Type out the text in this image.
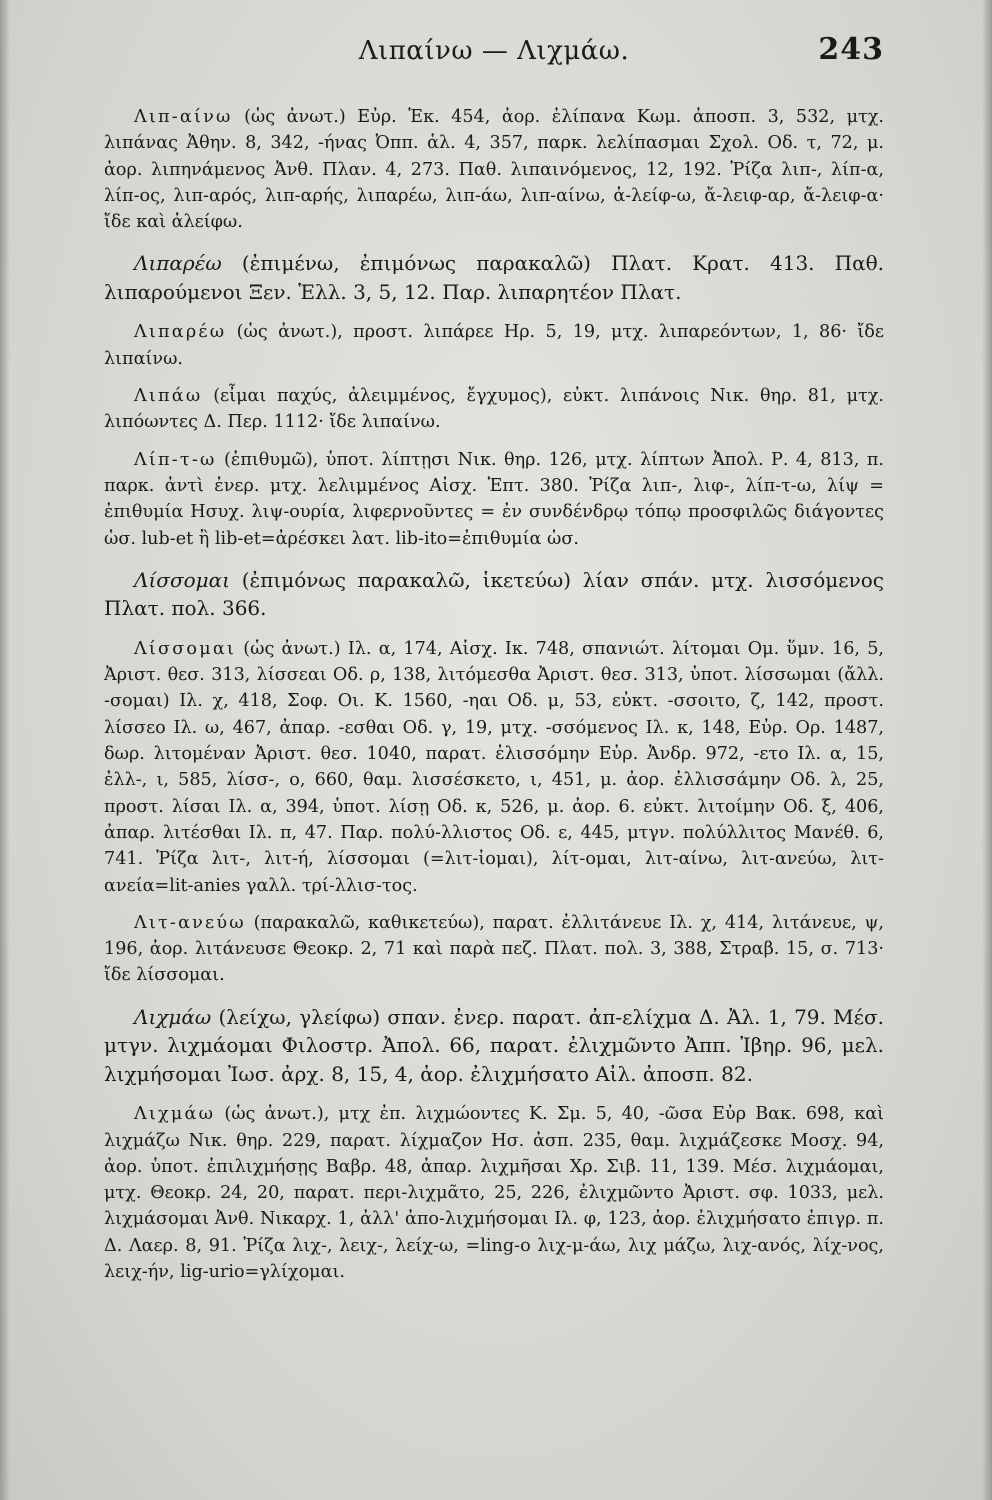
Λιπαίνω — Λιχμάω.	243

Λιπ-αίνω (ὡς ἀνωτ.) Εὐρ. Ἑκ. 454, ἀορ. ἐλίπανα Κωμ. ἀποσπ. 3, 532, μτχ. λιπάνας Ἀθην. 8, 342, -ήνας Ὀππ. ἁλ. 4, 357, παρκ. λελίπασμαι Σχολ. Οδ. τ, 72, μ. ἀορ. λιπηνάμενος Ἀνθ. Πλαν. 4, 273. Παθ. λιπαινόμενος, 12, 192. Ῥίζα λιπ-, λίπ-α, λίπ-ος, λιπ-αρός, λιπ-αρής, λιπαρέω, λιπ-άω, λιπ-αίνω, ἀ-λείφ-ω, ἄ-λειφ-αρ, ἄ-λειφ-α· ἴδε καὶ ἀλείφω.

Λιπαρέω (ἐπιμένω, ἐπιμόνως παρακαλῶ) Πλατ. Κρατ. 413. Παθ. λιπαρούμενοι Ξεν. Ἑλλ. 3, 5, 12. Παρ. λιπαρητέον Πλατ.

Λιπαρέω (ὡς ἀνωτ.), προστ. λιπάρεε Ηρ. 5, 19, μτχ. λιπαρεόντων, 1, 86· ἴδε λιπαίνω.

Λιπάω (εἶμαι παχύς, ἀλειμμένος, ἔγχυμος), εὐκτ. λιπάνοις Νικ. θηρ. 81, μτχ. λιπόωντες Δ. Περ. 1112· ἴδε λιπαίνω.

Λίπ-τ-ω (ἐπιθυμῶ), ὑποτ. λίπτῃσι Νικ. θηρ. 126, μτχ. λίπτων Ἀπολ. Ρ. 4, 813, π. παρκ. ἀντὶ ἐνερ. μτχ. λελιμμένος Αἰσχ. Ἑπτ. 380. Ῥίζα λιπ-, λιφ-, λίπ-τ-ω, λίψ = ἐπιθυμία Ησυχ. λιψ-ουρία, λιφερνοῦντες = ἐν συνδένδρῳ τόπῳ προσφιλῶς διάγοντες ὡσ. lub-et ἢ lib-et=ἀρέσκει λατ. lib-ito=ἐπιθυμία ὡσ.

Λίσσομαι (ἐπιμόνως παρακαλῶ, ἱκετεύω) λίαν σπάν. μτχ. λισσόμενος Πλατ. πολ. 366.

Λίσσομαι (ὡς ἀνωτ.) Ιλ. α, 174, Αἰσχ. Ικ. 748, σπανιώτ. λίτομαι Ομ. ὕμν. 16, 5, Ἀριστ. θεσ. 313, λίσσεαι Οδ. ρ, 138, λιτόμεσθα Ἀριστ. θεσ. 313, ὑποτ. λίσσωμαι (ἄλλ. -σομαι) Ιλ. χ, 418, Σοφ. Οι. Κ. 1560, -ηαι Οδ. μ, 53, εὐκτ. -σσοιτο, ζ, 142, προστ. λίσσεο Ιλ. ω, 467, ἀπαρ. -εσθαι Οδ. γ, 19, μτχ. -σσόμενος Ιλ. κ, 148, Εὐρ. Ορ. 1487, δωρ. λιτομέναν Ἀριστ. θεσ. 1040, παρατ. ἐλισσόμην Εὐρ. Ἀνδρ. 972, -ετο Ιλ. α, 15, ἐλλ-, ι, 585, λίσσ-, ο, 660, θαμ. λισσέσκετο, ι, 451, μ. ἀορ. ἐλλισσάμην Οδ. λ, 25, προστ. λίσαι Ιλ. α, 394, ὑποτ. λίσῃ Οδ. κ, 526, μ. ἀορ. 6. εὐκτ. λιτοίμην Οδ. ξ, 406, ἀπαρ. λιτέσθαι Ιλ. π, 47. Παρ. πολύ-λλιστος Οδ. ε, 445, μτγν. πολύλλιτος Μανέθ. 6, 741. Ῥίζα λιτ-, λιτ-ή, λίσσομαι (=λιτ-ἰομαι), λίτ-ομαι, λιτ-αίνω, λιτ-ανεύω, λιτ-ανεία=lit-anies γαλλ. τρί-λλισ-τος.

Λιτ-ανεύω (παρακαλῶ, καθικετεύω), παρατ. ἐλλιτάνευε Ιλ. χ, 414, λιτάνευε, ψ, 196, ἀορ. λιτάνευσε Θεοκρ. 2, 71 καὶ παρὰ πεζ. Πλατ. πολ. 3, 388, Στραβ. 15, σ. 713· ἴδε λίσσομαι.

Λιχμάω (λείχω, γλείφω) σπαν. ἐνερ. παρατ. ἀπ-ελίχμα Δ. Ἀλ. 1, 79. Μέσ. μτγν. λιχμάομαι Φιλοστρ. Ἀπολ. 66, παρατ. ἐλιχμῶντο Ἀππ. Ἰβηρ. 96, μελ. λιχμήσομαι Ἰωσ. ἀρχ. 8, 15, 4, ἀορ. ἐλιχμήσατο Αἰλ. ἀποσπ. 82.

Λιχμάω (ὡς ἀνωτ.), μτχ ἐπ. λιχμώοντες Κ. Σμ. 5, 40, -ῶσα Εὐρ Βακ. 698, καὶ λιχμάζω Νικ. θηρ. 229, παρατ. λίχμαζον Ησ. ἀσπ. 235, θαμ. λιχμάζεσκε Μοσχ. 94, ἀορ. ὑποτ. ἐπιλιχμήσῃς Βαβρ. 48, ἀπαρ. λιχμῆσαι Χρ. Σιβ. 11, 139. Μέσ. λιχμάομαι, μτχ. Θεοκρ. 24, 20, παρατ. περι-λιχμᾶτο, 25, 226, ἐλιχμῶντο Ἀριστ. σφ. 1033, μελ. λιχμάσομαι Ἀνθ. Νικαρχ. 1, ἀλλ' ἀπο-λιχμήσομαι Ιλ. φ, 123, ἀορ. ἐλιχμήσατο ἐπιγρ. π. Δ. Λαερ. 8, 91. Ῥίζα λιχ-, λειχ-, λείχ-ω, =ling-o λιχ-μ-άω, λιχ μάζω, λιχ-ανός, λίχ-νος, λειχ-ήν, lig-urio=γλίχομαι.
